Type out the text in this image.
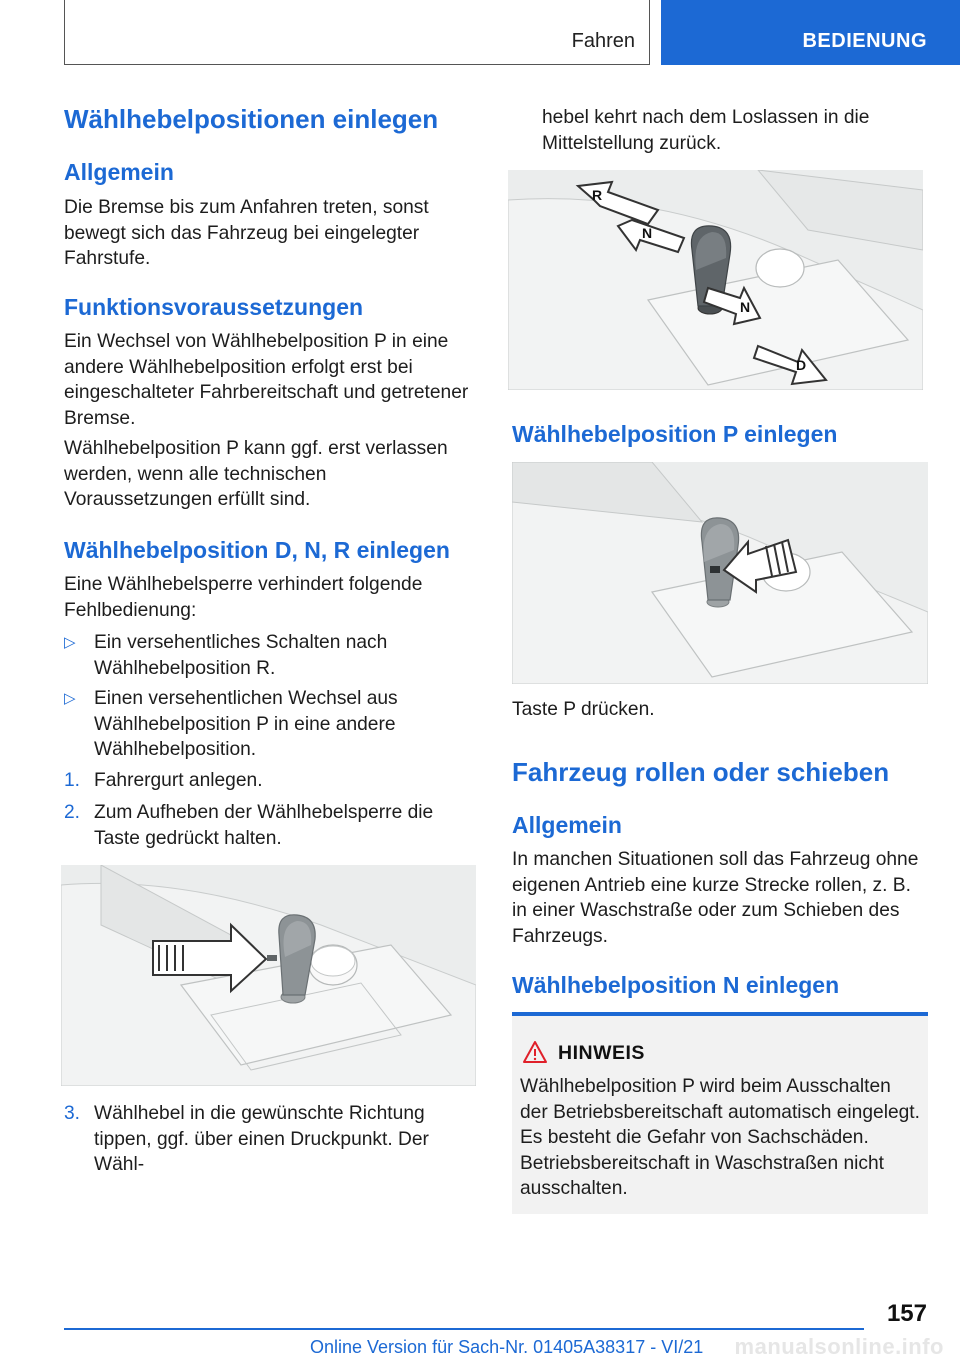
Fahren	BEDIENUNG
Wählhebelpositionen einlegen
Allgemein
Die Bremse bis zum Anfahren treten, sonst bewegt sich das Fahrzeug bei eingelegter Fahrstufe.
Funktionsvoraussetzungen
Ein Wechsel von Wählhebelposition P in eine andere Wählhebelposition erfolgt erst bei eingeschalteter Fahrbereitschaft und getretener Bremse.
Wählhebelposition P kann ggf. erst verlassen werden, wenn alle technischen Voraussetzungen erfüllt sind.
Wählhebelposition D, N, R einlegen
Eine Wählhebelsperre verhindert folgende Fehlbedienung:
▷ Ein versehentliches Schalten nach Wählhebelposition R.
▷ Einen versehentlichen Wechsel aus Wählhebelposition P in eine andere Wählhebelposition.
1. Fahrergurt anlegen.
2. Zum Aufheben der Wählhebelsperre die Taste gedrückt halten.
3. Wählhebel in die gewünschte Richtung tippen, ggf. über einen Druckpunkt. Der Wähl-
hebel kehrt nach dem Loslassen in die Mittelstellung zurück.
R
N
N
D
Wählhebelposition P einlegen
Taste P drücken.
Fahrzeug rollen oder schieben
Allgemein
In manchen Situationen soll das Fahrzeug ohne eigenen Antrieb eine kurze Strecke rollen, z. B. in einer Waschstraße oder zum Schieben des Fahrzeugs.
Wählhebelposition N einlegen
HINWEIS
Wählhebelposition P wird beim Ausschalten der Betriebsbereitschaft automatisch eingelegt. Es besteht die Gefahr von Sachschäden. Betriebsbereitschaft in Waschstraßen nicht ausschalten.
157
Online Version für Sach-Nr. 01405A38317 - VI/21 manualsonline.info
